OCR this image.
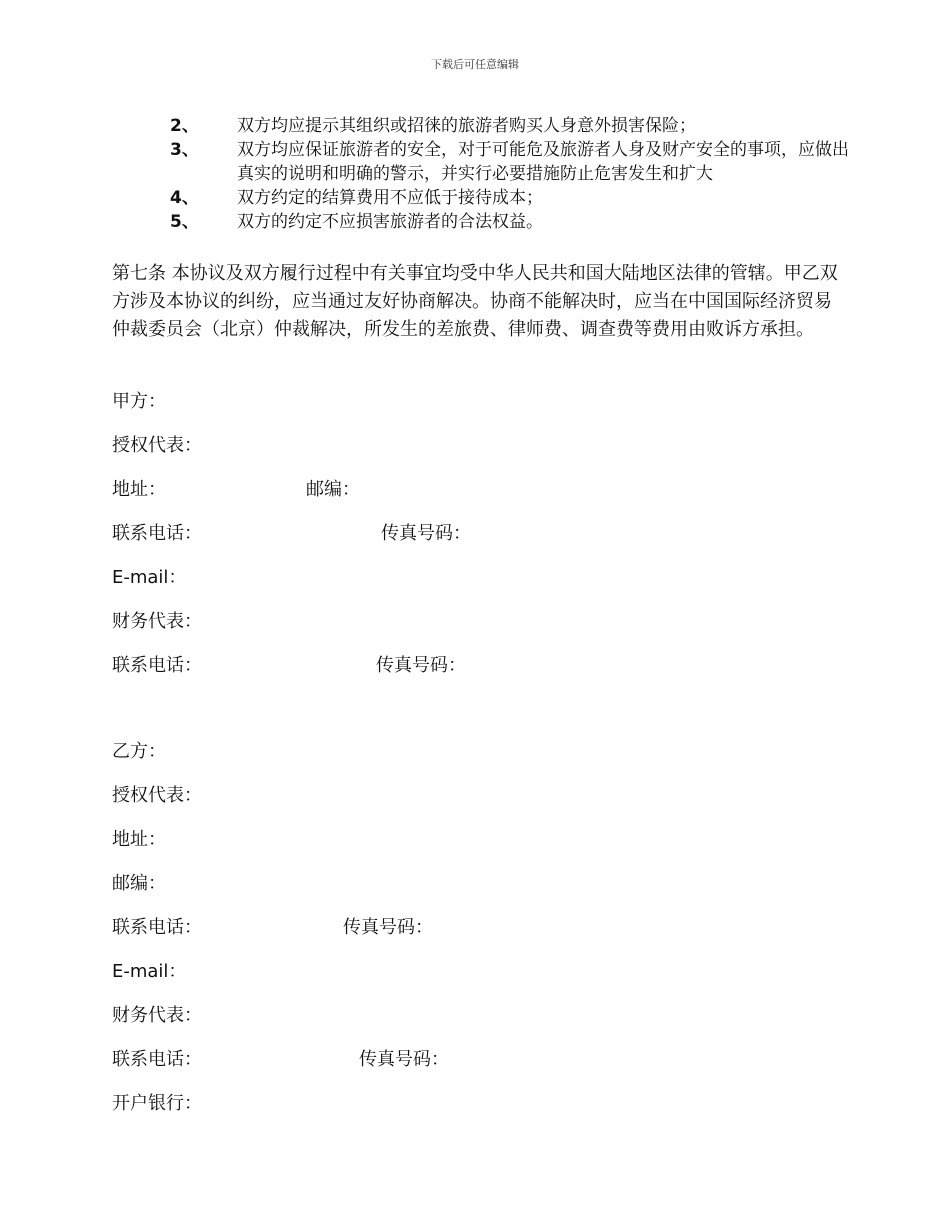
下载后可任意编辑
2、	双方均应提示其组织或招徕的旅游者购买人身意外损害保险；
3、	双方均应保证旅游者的安全，对于可能危及旅游者人身及财产安全的事项，应做出真实的说明和明确的警示，并实行必要措施防止危害发生和扩大
4、	双方约定的结算费用不应低于接待成本；
5、	双方的约定不应损害旅游者的合法权益。
第七条 本协议及双方履行过程中有关事宜均受中华人民共和国大陆地区法律的管辖。甲乙双方涉及本协议的纠纷，应当通过友好协商解决。协商不能解决时，应当在中国国际经济贸易仲裁委员会（北京）仲裁解决，所发生的差旅费、律师费、调查费等费用由败诉方承担。
甲方：
授权代表：
地址：	邮编：
联系电话：	传真号码：
E-mail：
财务代表：
联系电话：	传真号码：
乙方：
授权代表：
地址：
邮编：
联系电话：	传真号码：
E-mail：
财务代表：
联系电话：	传真号码：
开户银行：
